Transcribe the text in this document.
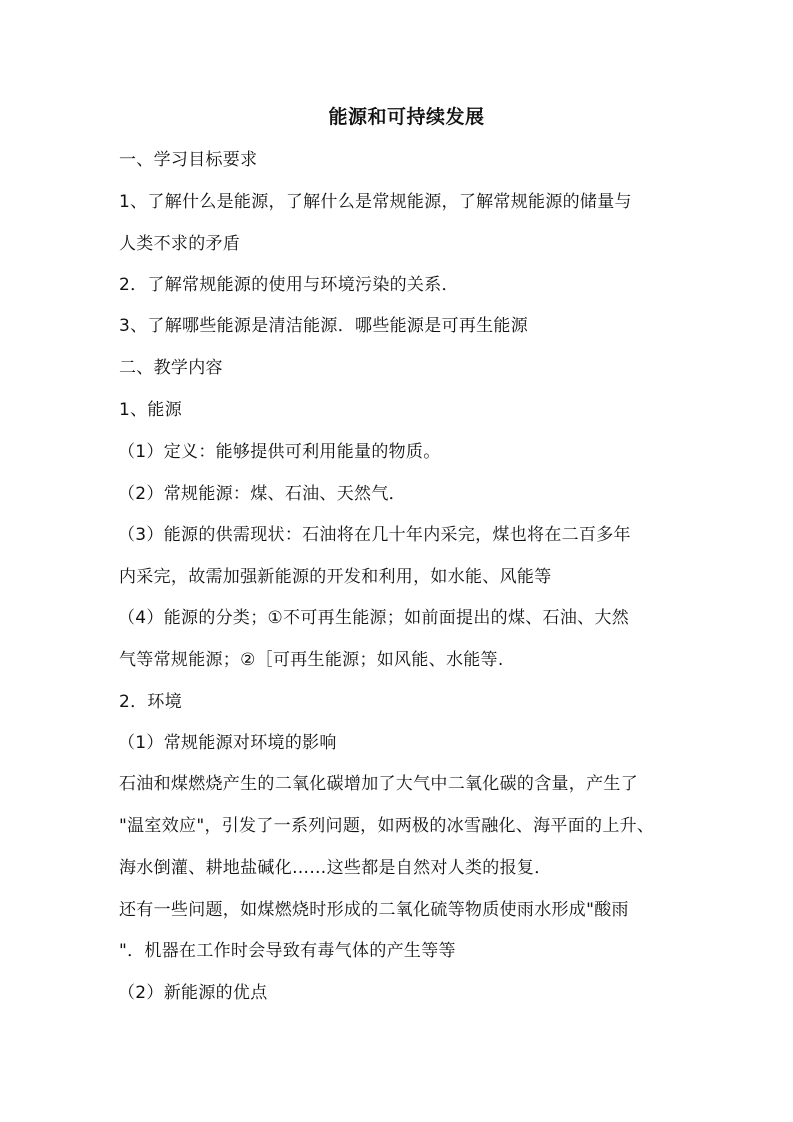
能源和可持续发展
一、学习目标要求
1、了解什么是能源，了解什么是常规能源，了解常规能源的储量与
人类不求的矛盾
2．了解常规能源的使用与环境污染的关系．
3、了解哪些能源是清洁能源．哪些能源是可再生能源
二、教学内容
1、能源
（1）定义：能够提供可利用能量的物质。
（2）常规能源：煤、石油、天然气．
（3）能源的供需现状：石油将在几十年内采完，煤也将在二百多年
内采完，故需加强新能源的开发和利用，如水能、风能等
（4）能源的分类；①不可再生能源；如前面提出的煤、石油、大然
气等常规能源；②［可再生能源；如风能、水能等.
2．环境
（1）常规能源对环境的影响
石油和煤燃烧产生的二氧化碳增加了大气中二氧化碳的含量，产生了
"温室效应"，引发了一系列问题，如两极的冰雪融化、海平面的上升、
海水倒灌、耕地盐碱化……这些都是自然对人类的报复．
还有一些问题，如煤燃烧时形成的二氧化硫等物质使雨水形成"酸雨
"．机器在工作时会导致有毒气体的产生等等
（2）新能源的优点
